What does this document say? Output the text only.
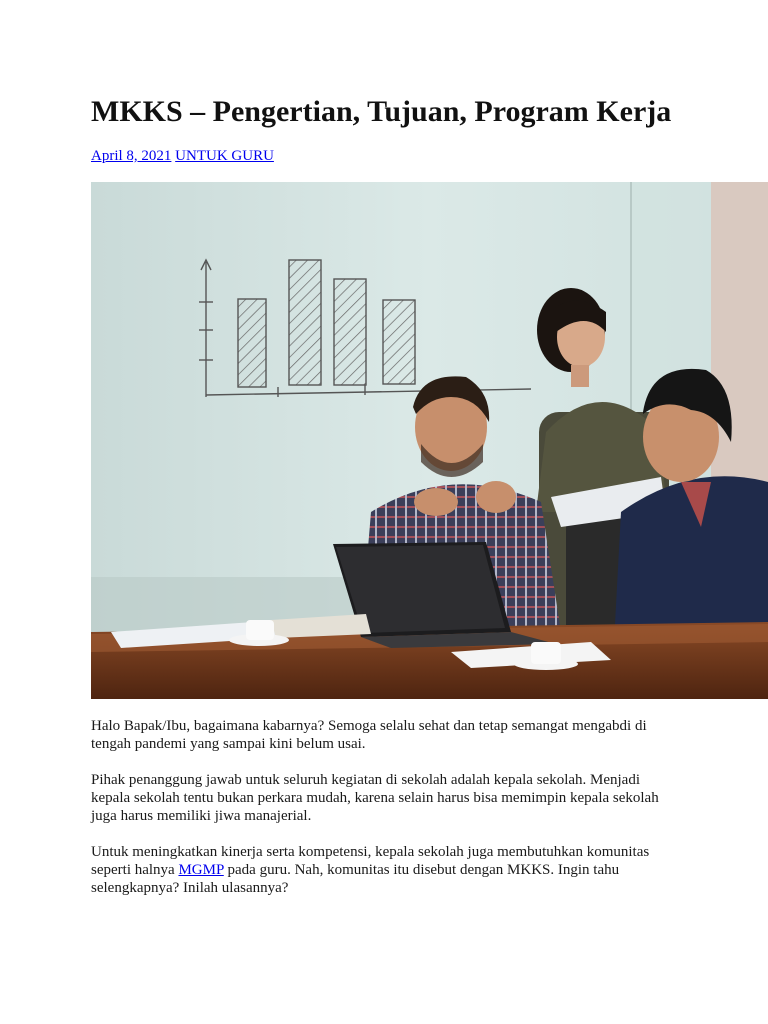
MKKS – Pengertian, Tujuan, Program Kerja
April 8, 2021 UNTUK GURU

Halo Bapak/Ibu, bagaimana kabarnya? Semoga selalu sehat dan tetap semangat mengabdi di tengah pandemi yang sampai kini belum usai.

Pihak penanggung jawab untuk seluruh kegiatan di sekolah adalah kepala sekolah. Menjadi kepala sekolah tentu bukan perkara mudah, karena selain harus bisa memimpin kepala sekolah juga harus memiliki jiwa manajerial.

Untuk meningkatkan kinerja serta kompetensi, kepala sekolah juga membutuhkan komunitas seperti halnya MGMP pada guru. Nah, komunitas itu disebut dengan MKKS. Ingin tahu selengkapnya? Inilah ulasannya?
